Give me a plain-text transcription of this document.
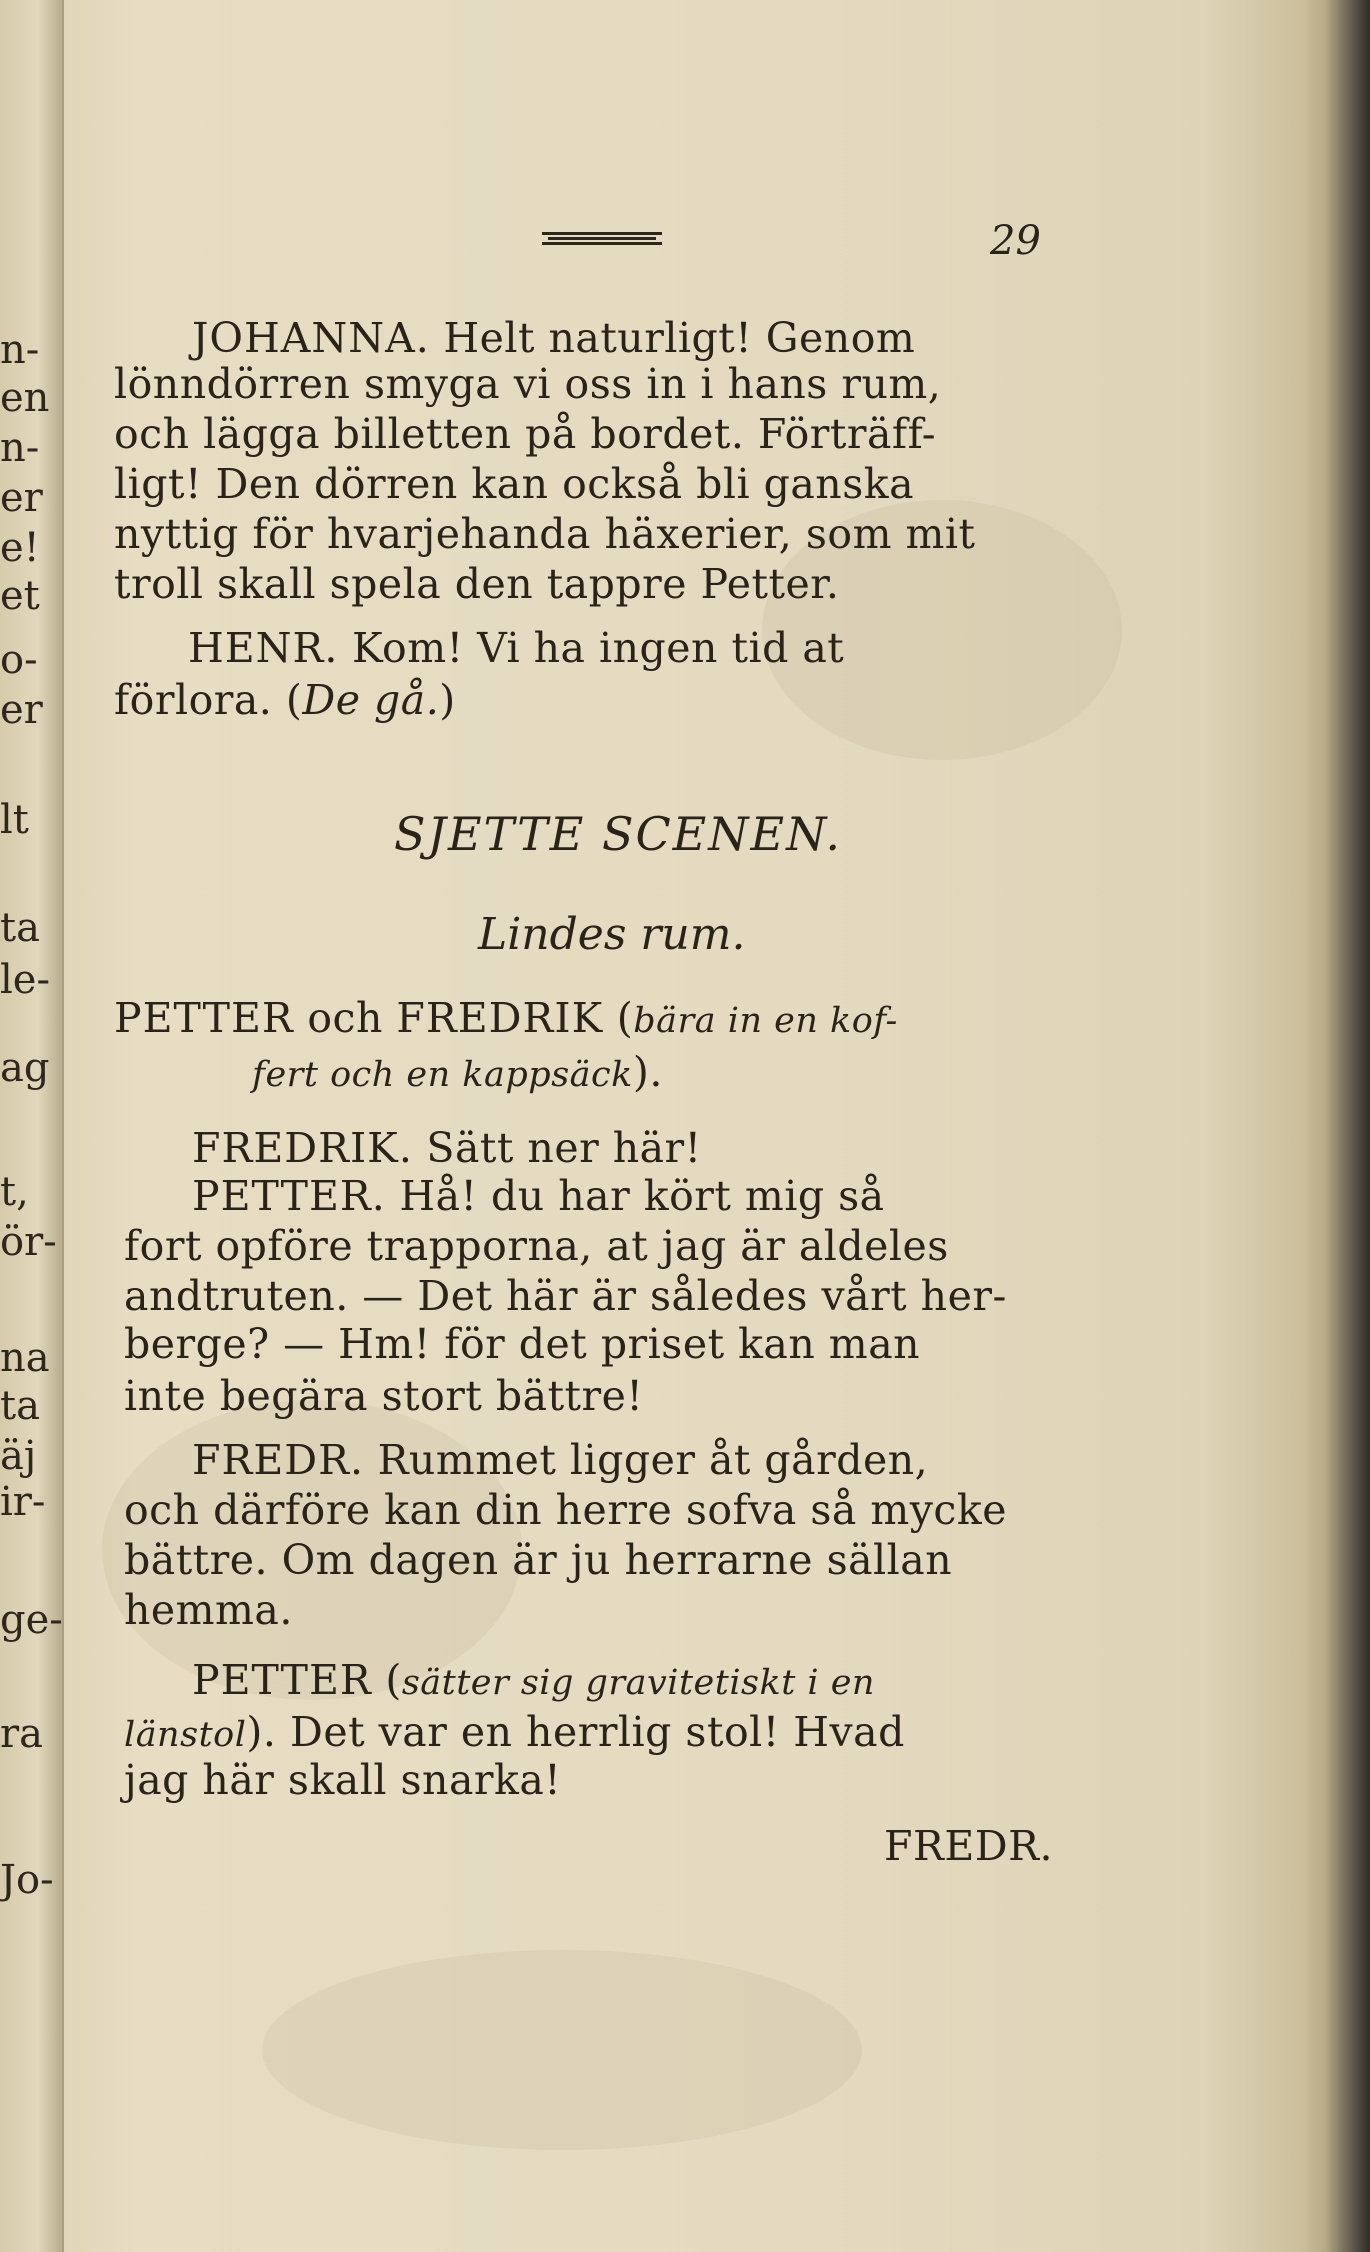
n-
en
n-
er
e!
et
o-
er
lt
ta
le-
ag
t,
ör-
na
ta
äj
ir-
ge-
ra
Jo-
29
JOHANNA. Helt naturligt! Genom
lönndörren smyga vi oss in i hans rum,
och lägga billetten på bordet. Förträff-
ligt! Den dörren kan också bli ganska
nyttig för hvarjehanda häxerier, som mit
troll skall spela den tappre Petter.
HENR. Kom! Vi ha ingen tid at
förlora. (De gå.)
PETTER och FREDRIK (bära in en kof-
fert och en kappsäck).
FREDRIK. Sätt ner här!
PETTER. Hå! du har kört mig så
fort opföre trapporna, at jag är aldeles
andtruten. — Det här är således vårt her-
berge? — Hm! för det priset kan man
inte begära stort bättre!
FREDR. Rummet ligger åt gården,
och därföre kan din herre sofva så mycke
bättre. Om dagen är ju herrarne sällan
hemma.
PETTER (sätter sig gravitetiskt i en
länstol). Det var en herrlig stol! Hvad
jag här skall snarka!
SJETTE SCENEN.
Lindes rum.
FREDR.
